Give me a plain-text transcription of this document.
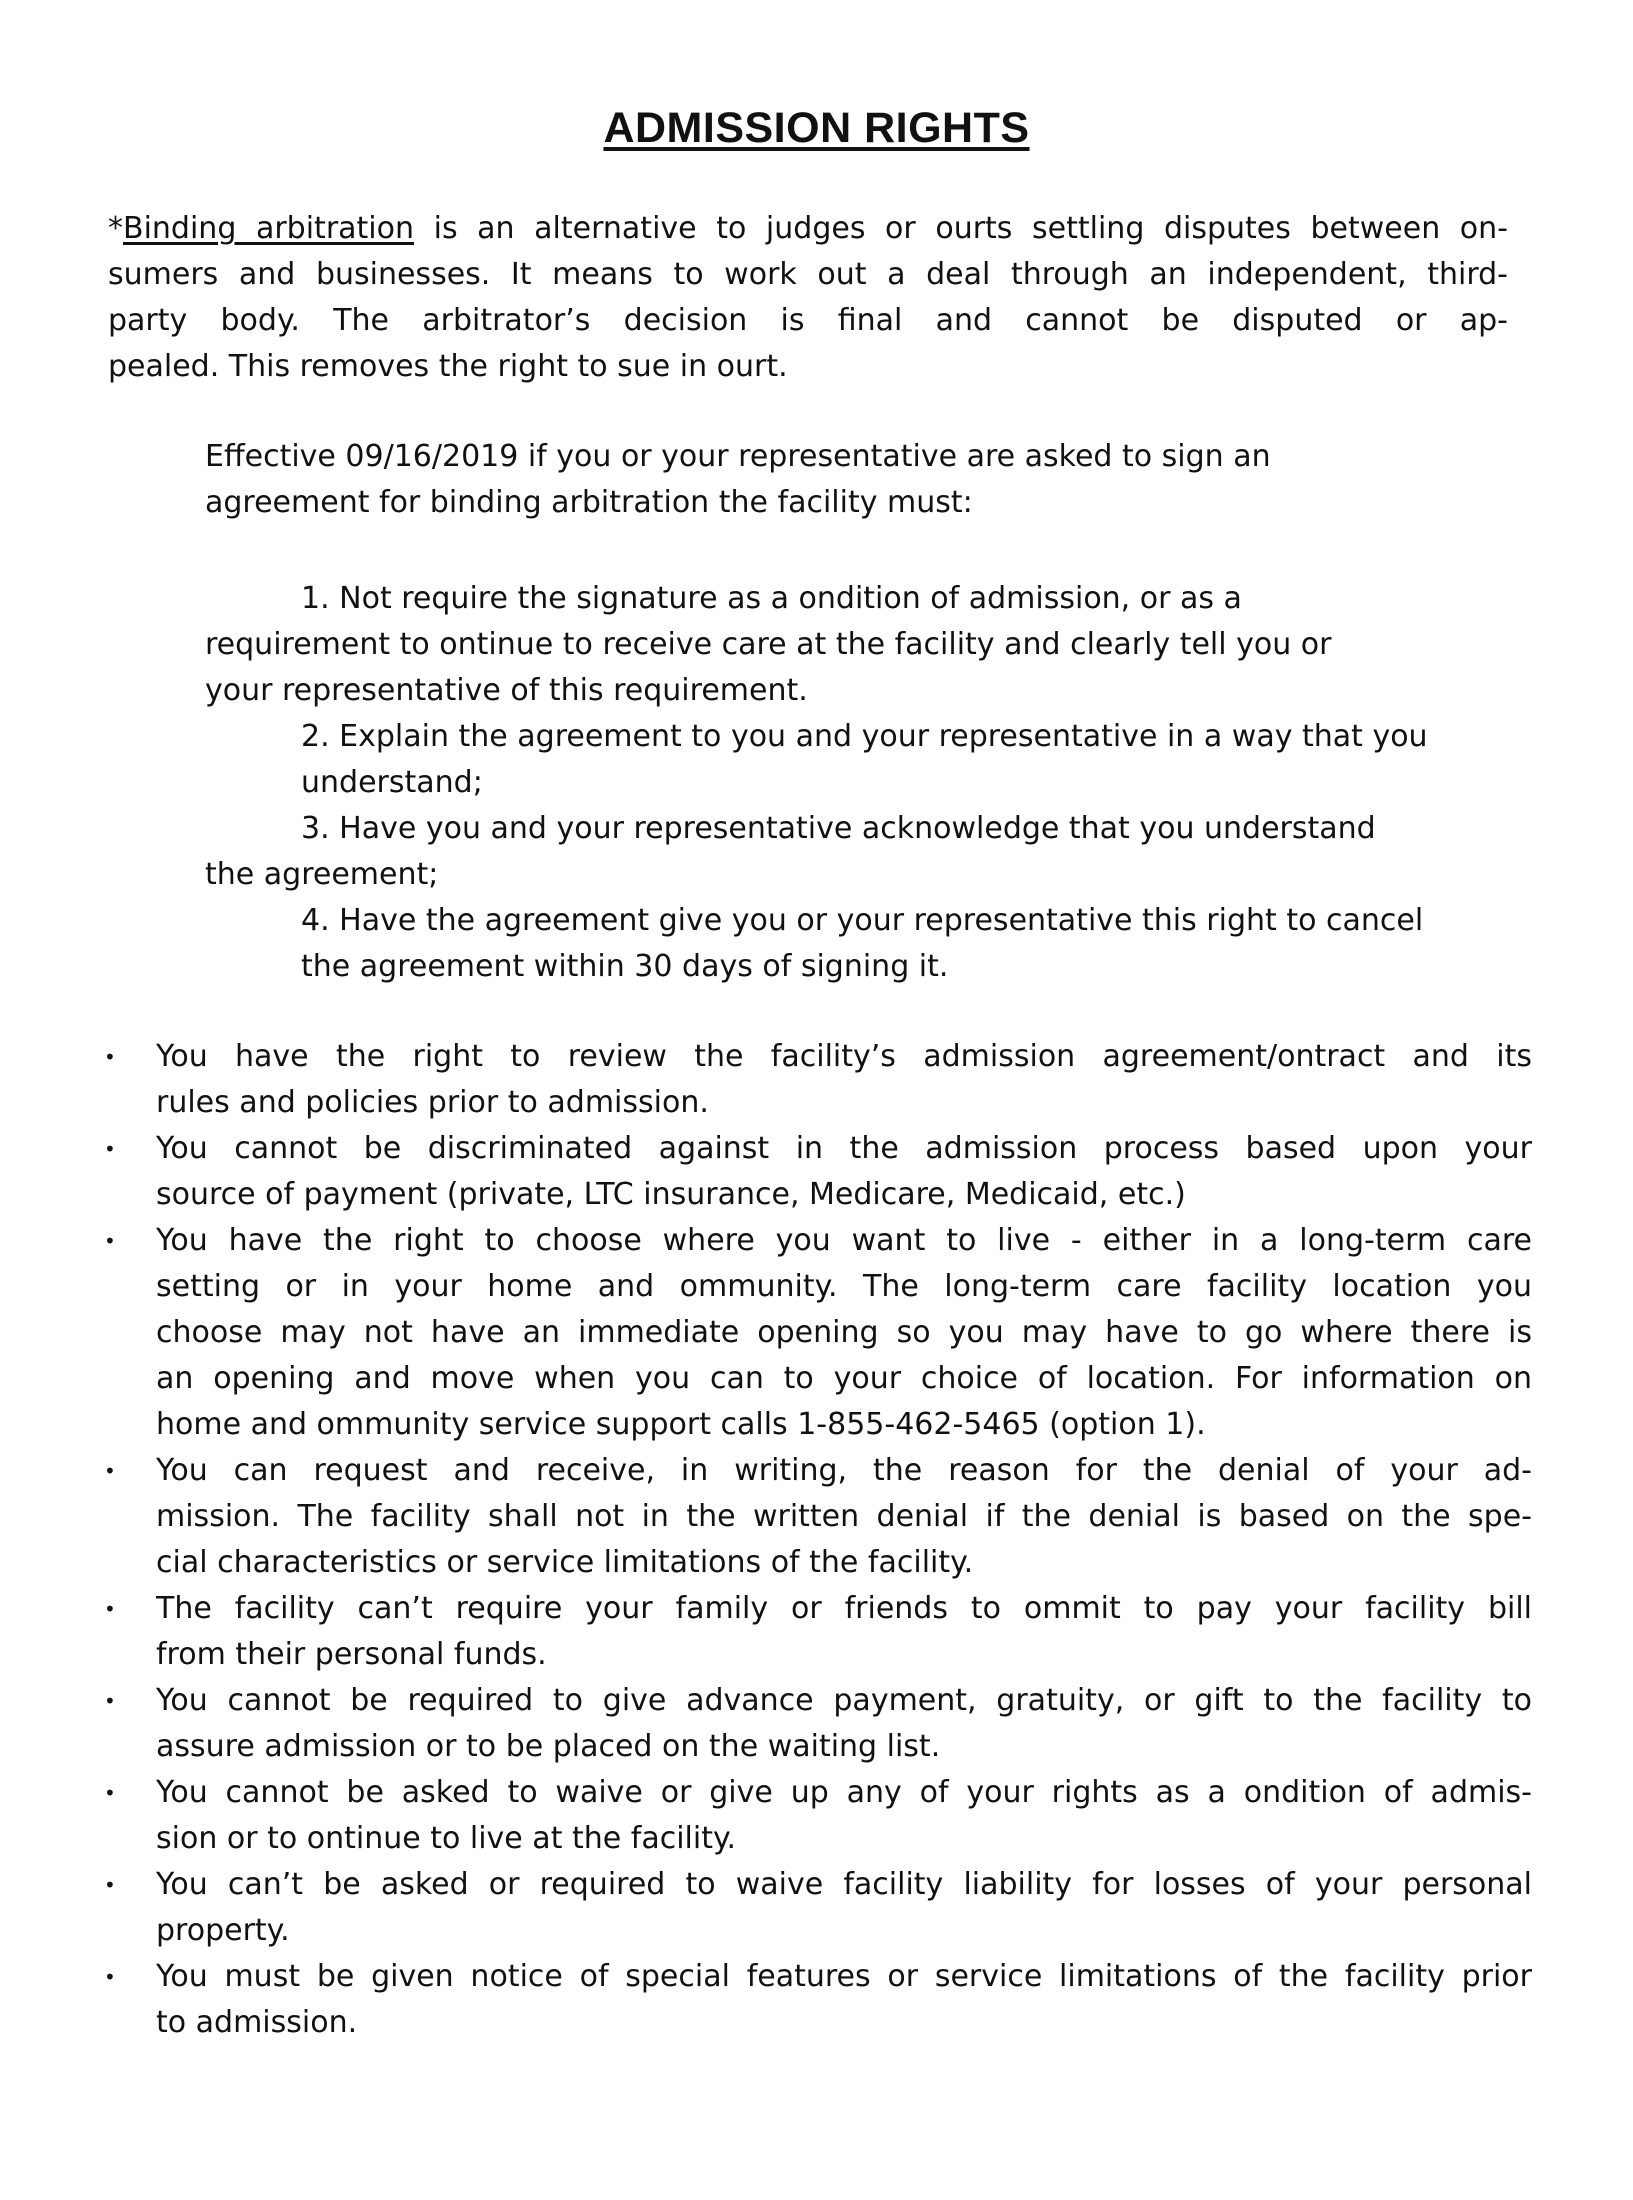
ADMISSION RIGHTS
*Binding arbitration is an alternative to judges or ourts settling disputes between on-
sumers and businesses. It means to work out a deal through an independent, third-
party body. The arbitrator’s decision is final and cannot be disputed or ap-
pealed. This removes the right to sue in ourt.
Effective 09/16/2019 if you or your representative are asked to sign an
agreement for binding arbitration the facility must:
1. Not require the signature as a ondition of admission, or as a
requirement to ontinue to receive care at the facility and clearly tell you or
your representative of this requirement.
2. Explain the agreement to you and your representative in a way that you
understand;
3. Have you and your representative acknowledge that you understand
the agreement;
4. Have the agreement give you or your representative this right to cancel
the agreement within 30 days of signing it.
• You have the right to review the facility’s admission agreement/ontract and its
rules and policies prior to admission.
• You cannot be discriminated against in the admission process based upon your
source of payment (private, LTC insurance, Medicare, Medicaid, etc.)
• You have the right to choose where you want to live - either in a long-term care
setting or in your home and ommunity. The long-term care facility location you
choose may not have an immediate opening so you may have to go where there is
an opening and move when you can to your choice of location. For information on
home and ommunity service support calls 1-855-462-5465 (option 1).
• You can request and receive, in writing, the reason for the denial of your ad-
mission. The facility shall not in the written denial if the denial is based on the spe-
cial characteristics or service limitations of the facility.
• The facility can’t require your family or friends to ommit to pay your facility bill
from their personal funds.
• You cannot be required to give advance payment, gratuity, or gift to the facility to
assure admission or to be placed on the waiting list.
• You cannot be asked to waive or give up any of your rights as a ondition of admis-
sion or to ontinue to live at the facility.
• You can’t be asked or required to waive facility liability for losses of your personal
property.
• You must be given notice of special features or service limitations of the facility prior
to admission.
